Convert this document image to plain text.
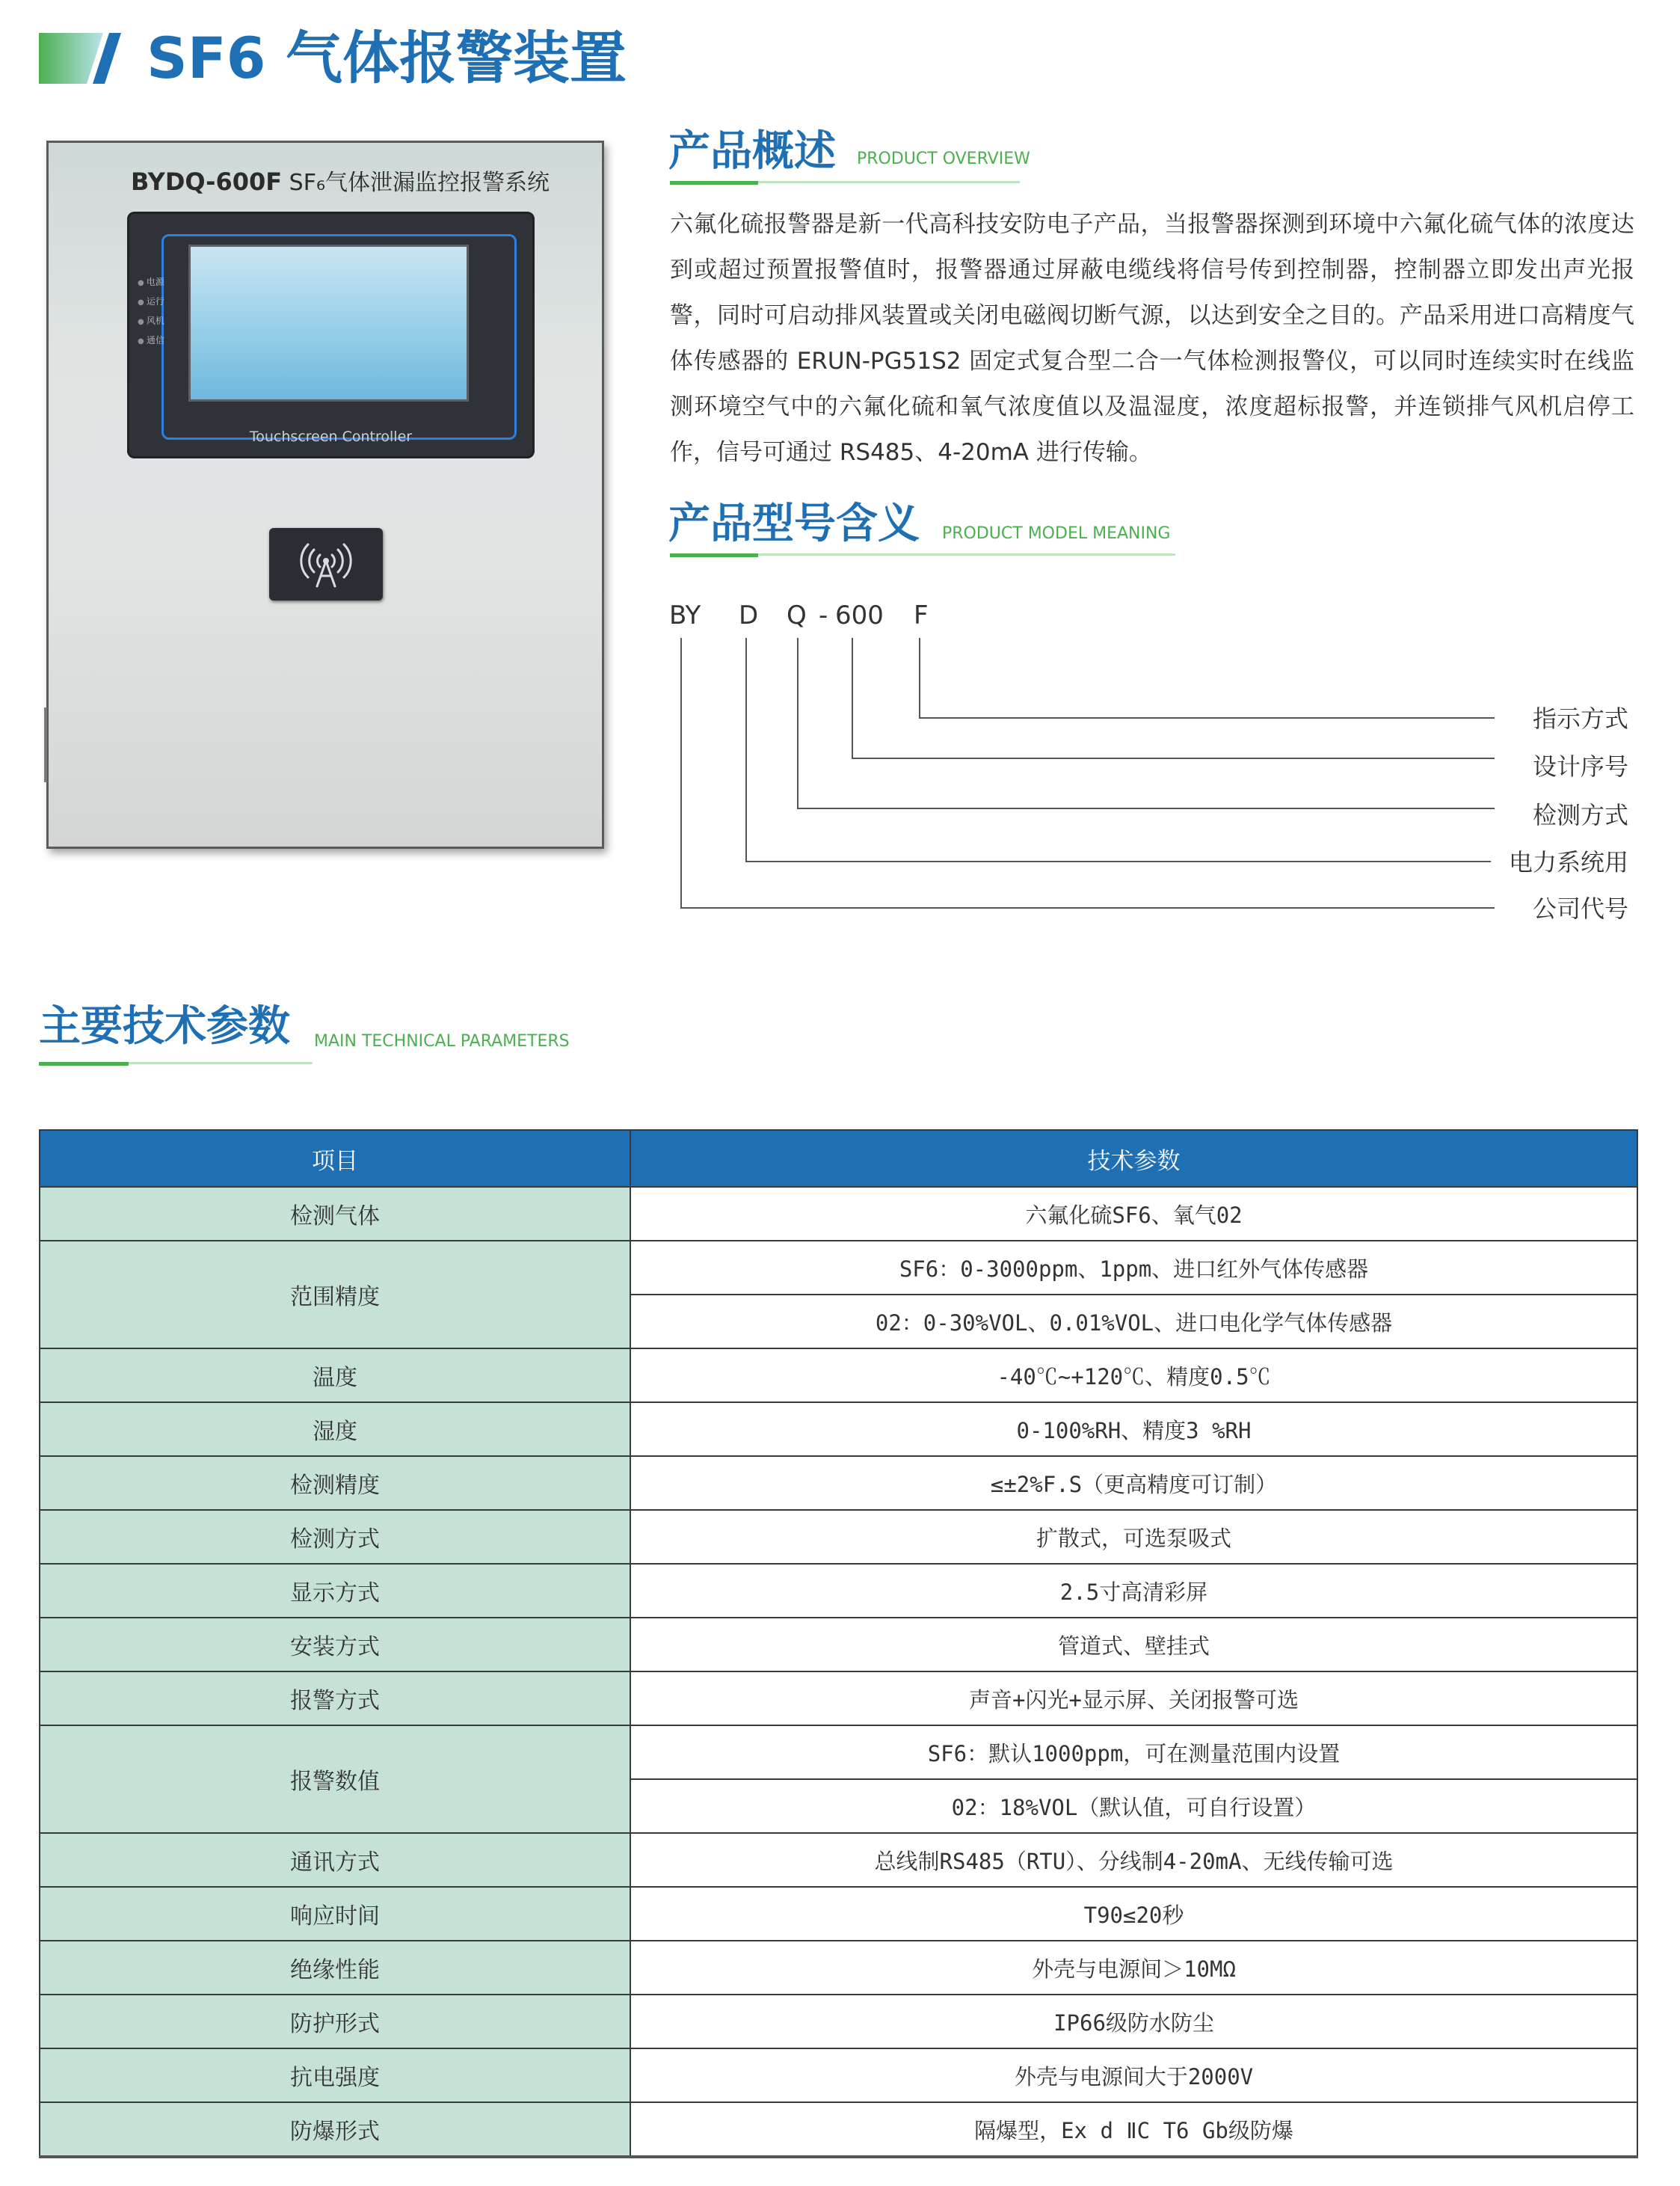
SF6 气体报警装置
BYDQ-600F SF₆气体泄漏监控报警系统
● 电源
● 运行
● 风机
● 通信
Touchscreen Controller
产品概述 PRODUCT OVERVIEW
六氟化硫报警器是新一代高科技安防电子产品，当报警器探测到环境中六氟化硫气体的浓度达到或超过预置报警值时，报警器通过屏蔽电缆线将信号传到控制器，控制器立即发出声光报警，同时可启动排风装置或关闭电磁阀切断气源，以达到安全之目的。产品采用进口高精度气体传感器的 ERUN-PG51S2 固定式复合型二合一气体检测报警仪，可以同时连续实时在线监测环境空气中的六氟化硫和氧气浓度值以及温湿度，浓度超标报警，并连锁排气风机启停工作，信号可通过 RS485、4-20mA 进行传输。
产品型号含义 PRODUCT MODEL MEANING
BY D Q - 600 F
指示方式
设计序号
检测方式
电力系统用
公司代号
主要技术参数 MAIN TECHNICAL PARAMETERS
项目	技术参数
检测气体	六氟化硫SF6、氧气02
范围精度	SF6：0-3000ppm、1ppm、进口红外气体传感器
	02：0-30%VOL、0.01%VOL、进口电化学气体传感器
温度	-40℃~+120℃、精度0.5℃
湿度	0-100%RH、精度3 %RH
检测精度	≤±2%F.S（更高精度可订制）
检测方式	扩散式，可选泵吸式
显示方式	2.5寸高清彩屏
安装方式	管道式、壁挂式
报警方式	声音+闪光+显示屏、关闭报警可选
报警数值	SF6：默认1000ppm，可在测量范围内设置
	02：18%VOL（默认值，可自行设置）
通讯方式	总线制RS485（RTU）、分线制4-20mA、无线传输可选
响应时间	T90≤20秒
绝缘性能	外壳与电源间＞10MΩ
防护形式	IP66级防水防尘
抗电强度	外壳与电源间大于2000V
防爆形式	隔爆型，Ex d ⅡC T6 Gb级防爆
